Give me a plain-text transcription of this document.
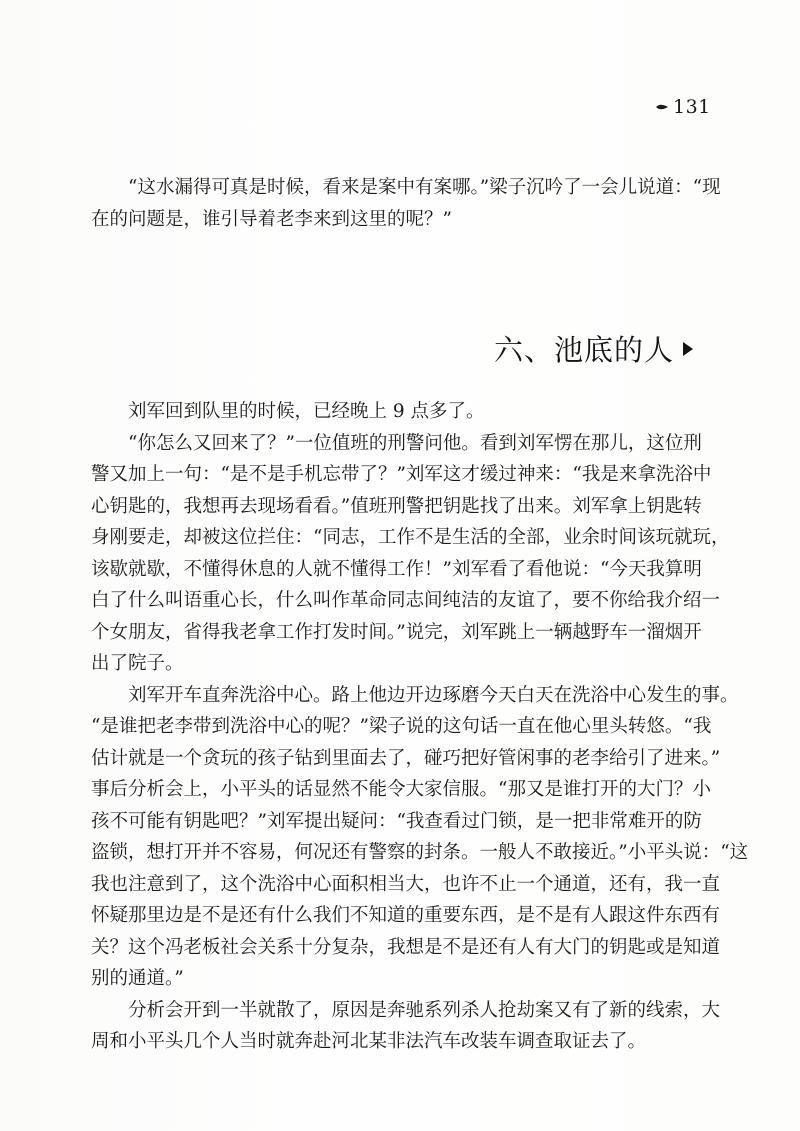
131

“这水漏得可真是时候，看来是案中有案哪。”梁子沉吟了一会儿说道：“现
在的问题是，谁引导着老李来到这里的呢？”

六、池底的人

刘军回到队里的时候，已经晚上 9 点多了。
“你怎么又回来了？”一位值班的刑警问他。看到刘军愣在那儿，这位刑
警又加上一句：“是不是手机忘带了？”刘军这才缓过神来：“我是来拿洗浴中
心钥匙的，我想再去现场看看。”值班刑警把钥匙找了出来。刘军拿上钥匙转
身刚要走，却被这位拦住：“同志，工作不是生活的全部，业余时间该玩就玩，
该歇就歇，不懂得休息的人就不懂得工作！”刘军看了看他说：“今天我算明
白了什么叫语重心长，什么叫作革命同志间纯洁的友谊了，要不你给我介绍一
个女朋友，省得我老拿工作打发时间。”说完，刘军跳上一辆越野车一溜烟开
出了院子。
刘军开车直奔洗浴中心。路上他边开边琢磨今天白天在洗浴中心发生的事。
“是谁把老李带到洗浴中心的呢？”梁子说的这句话一直在他心里头转悠。“我
估计就是一个贪玩的孩子钻到里面去了，碰巧把好管闲事的老李给引了进来。”
事后分析会上，小平头的话显然不能令大家信服。“那又是谁打开的大门？小
孩不可能有钥匙吧？”刘军提出疑问：“我查看过门锁，是一把非常难开的防
盗锁，想打开并不容易，何况还有警察的封条。一般人不敢接近。”小平头说：“这
我也注意到了，这个洗浴中心面积相当大，也许不止一个通道，还有，我一直
怀疑那里边是不是还有什么我们不知道的重要东西，是不是有人跟这件东西有
关？这个冯老板社会关系十分复杂，我想是不是还有人有大门的钥匙或是知道
别的通道。”
分析会开到一半就散了，原因是奔驰系列杀人抢劫案又有了新的线索，大
周和小平头几个人当时就奔赴河北某非法汽车改装车调查取证去了。
